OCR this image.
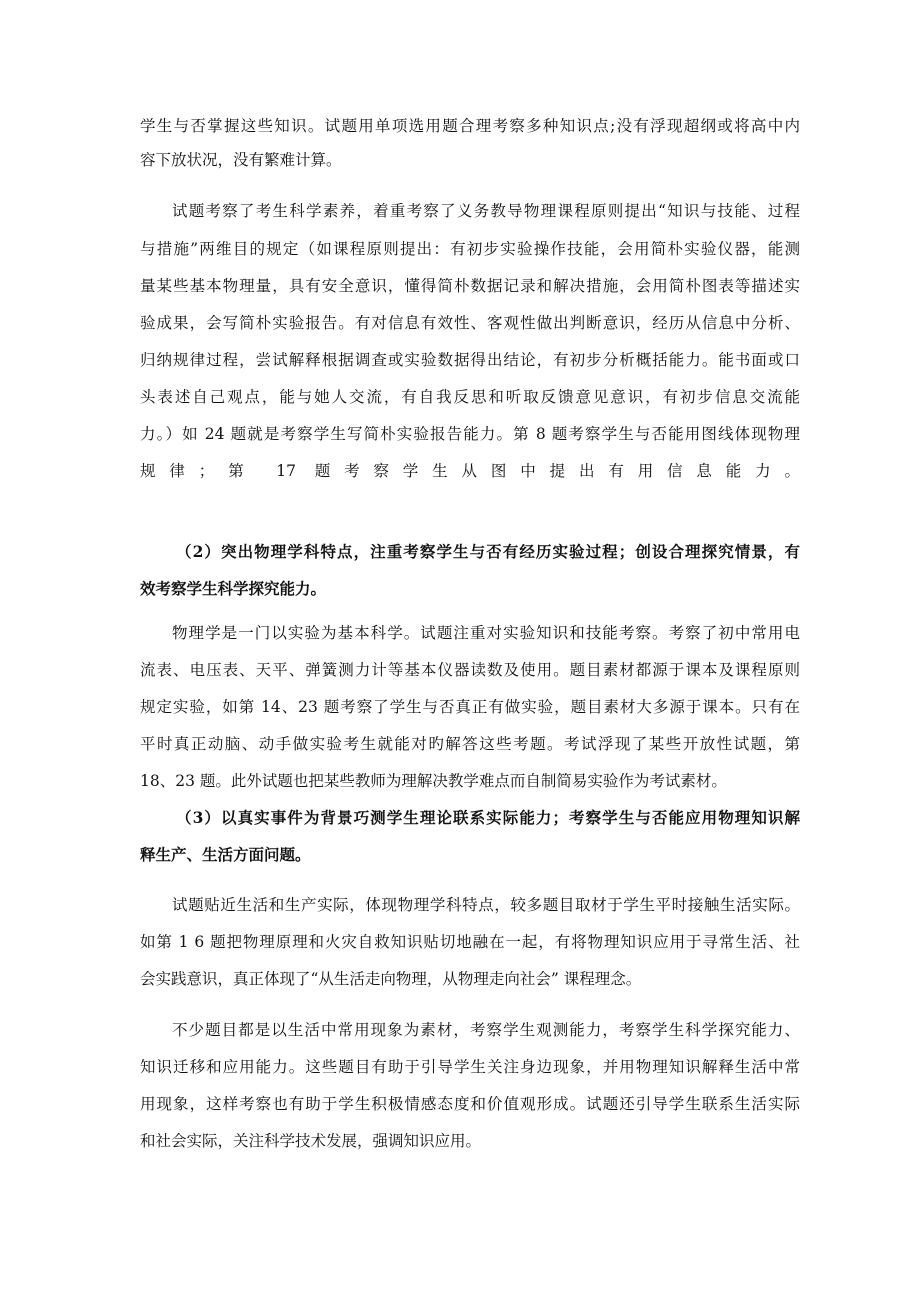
学生与否掌握这些知识。试题用单项选用题合理考察多种知识点;没有浮现超纲或将高中内
容下放状况，没有繁难计算。
试题考察了考生科学素养，着重考察了义务教导物理课程原则提出“知识与技能、过程
与措施”两维目的规定（如课程原则提出：有初步实验操作技能，会用简朴实验仪器，能测
量某些基本物理量，具有安全意识，懂得简朴数据记录和解决措施，会用简朴图表等描述实
验成果，会写简朴实验报告。有对信息有效性、客观性做出判断意识，经历从信息中分析、
归纳规律过程，尝试解释根据调查或实验数据得出结论，有初步分析概括能力。能书面或口
头表述自己观点，能与她人交流，有自我反思和听取反馈意见意识，有初步信息交流能
力。）如 24 题就是考察学生写简朴实验报告能力。第 8 题考察学生与否能用图线体现物理
规律；第 17 题考察学生从图中提出有用信息能力。
（2）突出物理学科特点，注重考察学生与否有经历实验过程；创设合理探究情景，有
效考察学生科学探究能力。
物理学是一门以实验为基本科学。试题注重对实验知识和技能考察。考察了初中常用电
流表、电压表、天平、弹簧测力计等基本仪器读数及使用。题目素材都源于课本及课程原则
规定实验，如第 14、23 题考察了学生与否真正有做实验，题目素材大多源于课本。只有在
平时真正动脑、动手做实验考生就能对旳解答这些考题。考试浮现了某些开放性试题，第
18、23 题。此外试题也把某些教师为理解决教学难点而自制简易实验作为考试素材。
（3）以真实事件为背景巧测学生理论联系实际能力；考察学生与否能应用物理知识解
释生产、生活方面问题。
试题贴近生活和生产实际，体现物理学科特点，较多题目取材于学生平时接触生活实际。
如第 1 6 题把物理原理和火灾自救知识贴切地融在一起，有将物理知识应用于寻常生活、社
会实践意识，真正体现了“从生活走向物理，从物理走向社会” 课程理念。
不少题目都是以生活中常用现象为素材，考察学生观测能力，考察学生科学探究能力、
知识迁移和应用能力。这些题目有助于引导学生关注身边现象，并用物理知识解释生活中常
用现象，这样考察也有助于学生积极情感态度和价值观形成。试题还引导学生联系生活实际
和社会实际，关注科学技术发展，强调知识应用。
